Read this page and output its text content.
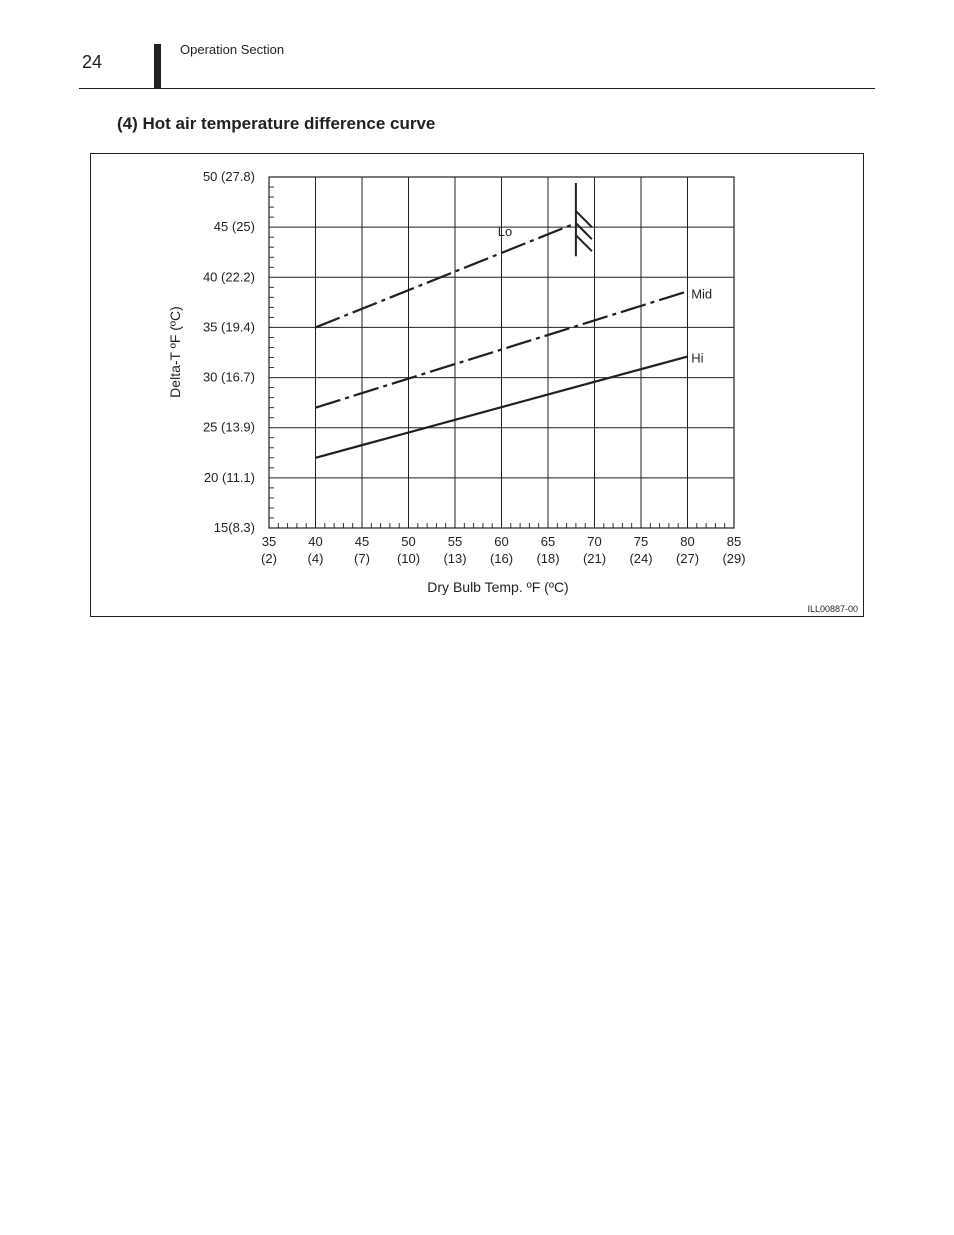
24
Operation Section
(4) Hot air temperature difference curve
15(8.3)
20 (11.1)
25 (13.9)
30 (16.7)
35 (19.4)
40 (22.2)
45 (25)
50 (27.8)
35
(2)
40
(4)
45
(7)
50
(10)
55
(13)
60
(16)
65
(18)
70
(21)
75
(24)
80
(27)
85
(29)
Lo
Mid
Hi
Delta-T ºF (ºC)
Dry Bulb Temp. ºF (ºC)
ILL00887-00
